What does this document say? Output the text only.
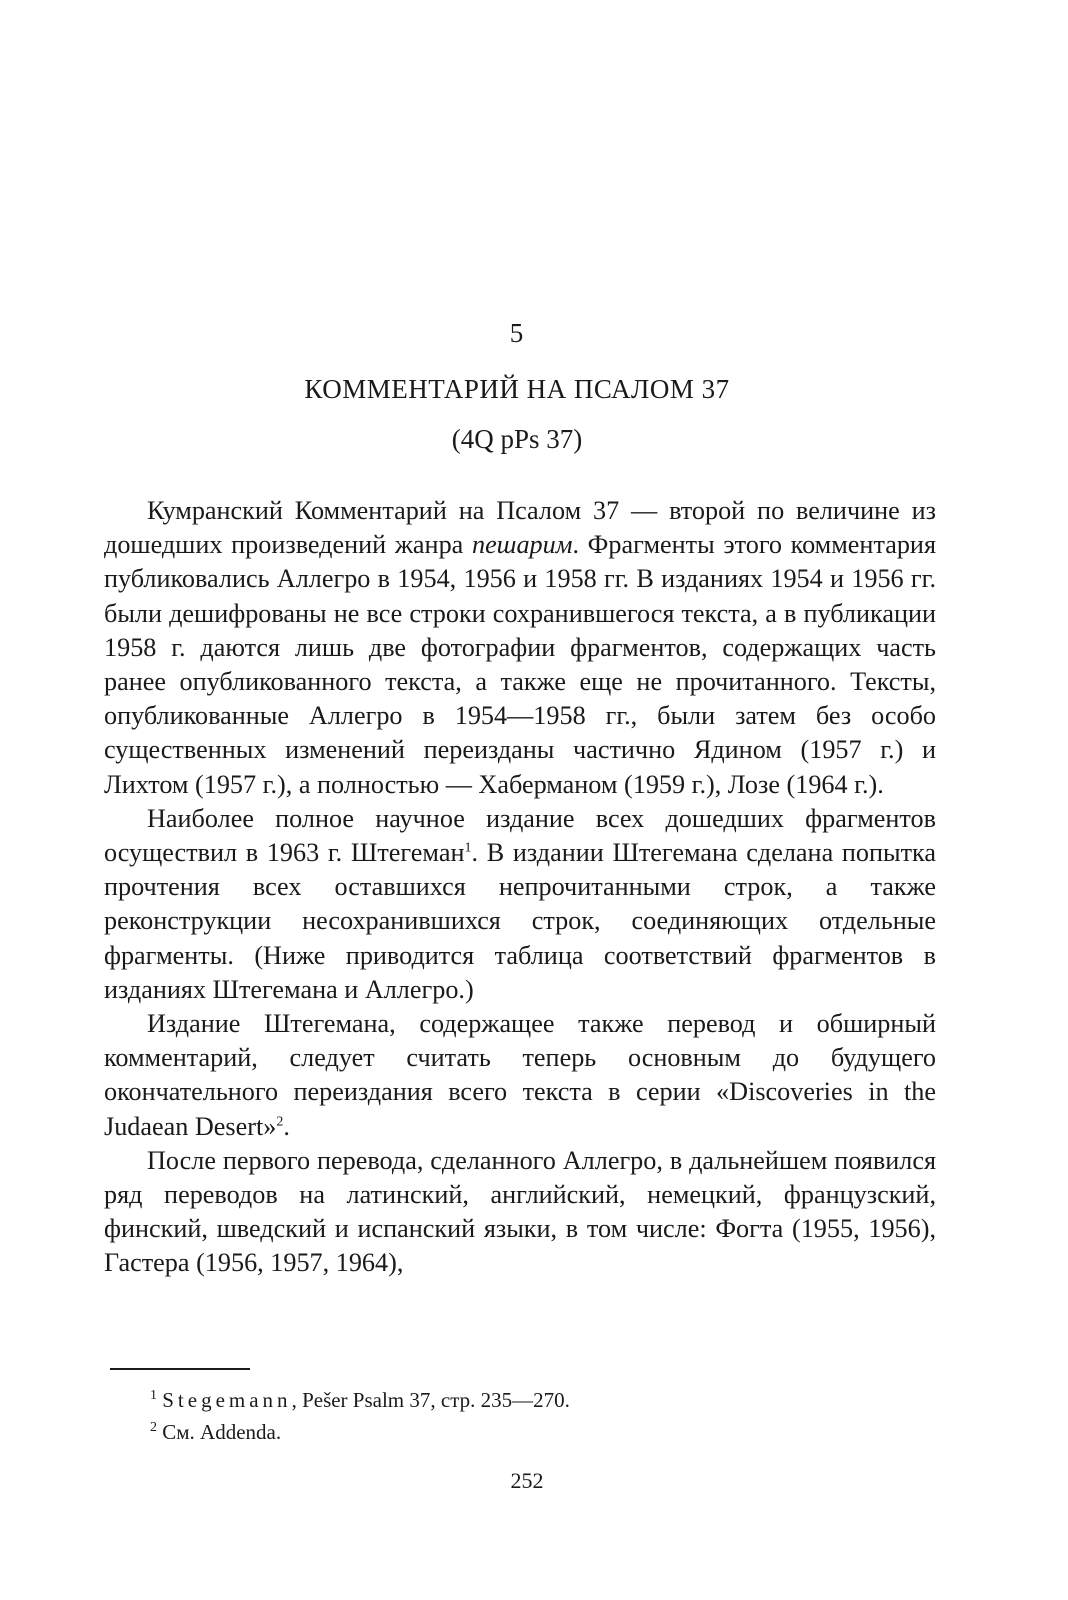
5
КОММЕНТАРИЙ НА ПСАЛОМ 37
(4Q pPs 37)

Кумранский Комментарий на Псалом 37 — второй по величине из дошедших произведений жанра пешарим. Фрагменты этого комментария публиковались Аллегро в 1954, 1956 и 1958 гг. В изданиях 1954 и 1956 гг. были дешифрованы не все строки сохранившегося текста, а в публикации 1958 г. даются лишь две фотографии фрагментов, содержащих часть ранее опубликованного текста, а также еще не прочитанного. Тексты, опубликованные Аллегро в 1954—1958 гг., были затем без особо существенных изменений переизданы частично Ядином (1957 г.) и Лихтом (1957 г.), а полностью — Хаберманом (1959 г.), Лозе (1964 г.).

Наиболее полное научное издание всех дошедших фрагментов осуществил в 1963 г. Штегеман$^1$. В издании Штегемана сделана попытка прочтения всех оставшихся непрочитанными строк, а также реконструкции несохранившихся строк, соединяющих отдельные фрагменты. (Ниже приводится таблица соответствий фрагментов в изданиях Штегемана и Аллегро.)

Издание Штегемана, содержащее также перевод и обширный комментарий, следует считать теперь основным до будущего окончательного переиздания всего текста в серии «Discoveries in the Judaean Desert»$^2$.

После первого перевода, сделанного Аллегро, в дальнейшем появился ряд переводов на латинский, английский, немецкий, французский, финский, шведский и испанский языки, в том числе: Фогта (1955, 1956), Гастера (1956, 1957, 1964),

$^1$ Stegemann, Pešer Psalm 37, стр. 235—270.
$^2$ См. Addenda.
252
